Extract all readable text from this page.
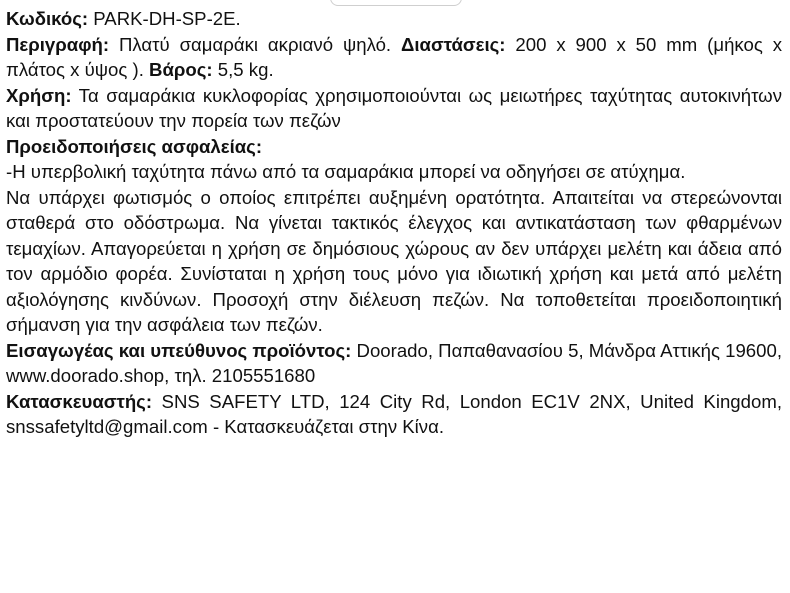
Κωδικός: PARK-DH-SP-2E.

Περιγραφή: Πλατύ σαμαράκι ακριανό ψηλό. Διαστάσεις: 200 x 900 x 50 mm (μήκος x πλάτος x ύψος ). Βάρος: 5,5 kg.

Χρήση: Τα σαμαράκια κυκλοφορίας χρησιμοποιούνται ως μειωτήρες ταχύτητας αυτοκινήτων και προστατεύουν την πορεία των πεζών

Προειδοποιήσεις ασφαλείας:

-Η υπερβολική ταχύτητα πάνω από τα σαμαράκια μπορεί να οδηγήσει σε ατύχημα.

Να υπάρχει φωτισμός ο οποίος επιτρέπει αυξημένη ορατότητα. Απαιτείται να στερεώνονται σταθερά στο οδόστρωμα. Να γίνεται τακτικός έλεγχος και αντικατάσταση των φθαρμένων τεμαχίων. Απαγορεύεται η χρήση σε δημόσιους χώρους αν δεν υπάρχει μελέτη και άδεια από τον αρμόδιο φορέα. Συνίσταται η χρήση τους μόνο για ιδιωτική χρήση και μετά από μελέτη αξιολόγησης κινδύνων. Προσοχή στην διέλευση πεζών. Να τοποθετείται προειδοποιητική σήμανση για την ασφάλεια των πεζών.

Εισαγωγέας και υπεύθυνος προϊόντος: Doorado, Παπαθανασίου 5, Μάνδρα Αττικής 19600, www.doorado.shop, τηλ. 2105551680

Κατασκευαστής: SNS SAFETY LTD, 124 City Rd, London EC1V 2NX, United Kingdom, snssafetyltd@gmail.com - Κατασκευάζεται στην Κίνα.
